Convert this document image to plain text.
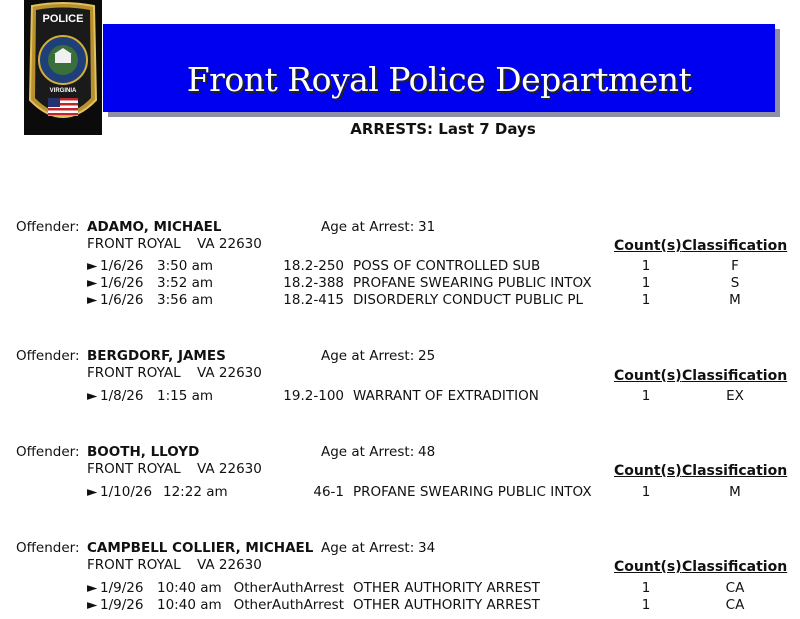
POLICE
VIRGINIA	Front Royal Police Department
ARRESTS: Last 7 Days
Offender: ADAMO, MICHAEL	Age at Arrest: 31
FRONT ROYAL VA 22630	Count(s) Classification
► 1/6/26 3:50 am	18.2-250 POSS OF CONTROLLED SUB	1	F
► 1/6/26 3:52 am	18.2-388 PROFANE SWEARING PUBLIC INTOX	1	S
► 1/6/26 3:56 am	18.2-415 DISORDERLY CONDUCT PUBLIC PL	1	M
Offender: BERGDORF, JAMES	Age at Arrest: 25
FRONT ROYAL VA 22630	Count(s) Classification
► 1/8/26 1:15 am	19.2-100 WARRANT OF EXTRADITION	1	EX
Offender: BOOTH, LLOYD	Age at Arrest: 48
FRONT ROYAL VA 22630	Count(s) Classification
► 1/10/26 12:22 am	46-1 PROFANE SWEARING PUBLIC INTOX	1	M
Offender: CAMPBELL COLLIER, MICHAEL Age at Arrest: 34
FRONT ROYAL VA 22630	Count(s) Classification
► 1/9/26 10:40 am OtherAuthArrest OTHER AUTHORITY ARREST	1	CA
► 1/9/26 10:40 am OtherAuthArrest OTHER AUTHORITY ARREST	1	CA
